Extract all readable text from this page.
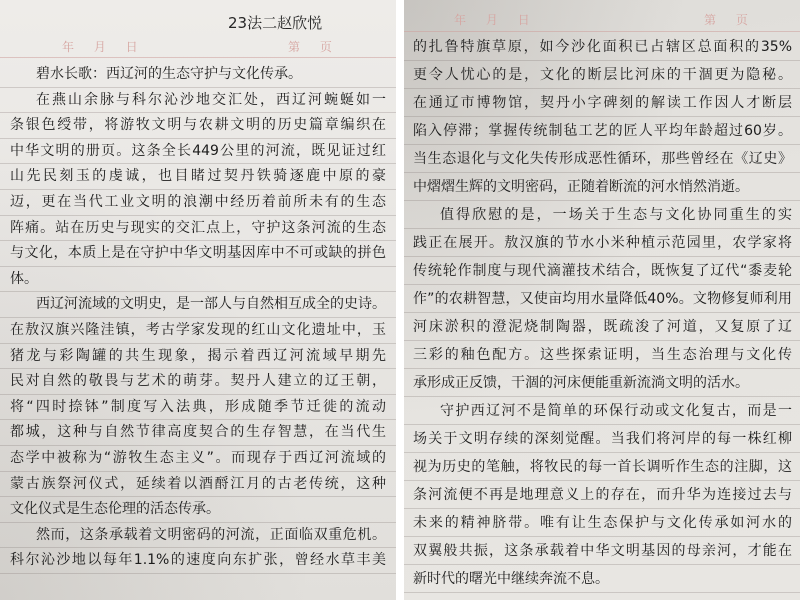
23法二赵欣悦
年 月 日	第 页
碧水长歌：西辽河的生态守护与文化传承。
在燕山余脉与科尔沁沙地交汇处，西辽河蜿蜒如一
条银色绶带，将游牧文明与农耕文明的历史篇章编织在
中华文明的册页。这条全长449公里的河流，既见证过红
山先民刻玉的虔诚，也目睹过契丹铁骑逐鹿中原的豪
迈，更在当代工业文明的浪潮中经历着前所未有的生态
阵痛。站在历史与现实的交汇点上，守护这条河流的生态
与文化，本质上是在守护中华文明基因库中不可或缺的拼色
体。
西辽河流域的文明史，是一部人与自然相互成全的史诗。
在敖汉旗兴隆洼镇，考古学家发现的红山文化遗址中，玉
猪龙与彩陶罐的共生现象，揭示着西辽河流域早期先
民对自然的敬畏与艺术的萌芽。契丹人建立的辽王朝，
将“四时捺钵”制度写入法典，形成随季节迁徙的流动
都城，这种与自然节律高度契合的生存智慧，在当代生
态学中被称为“游牧生态主义”。而现存于西辽河流域的
蒙古族祭河仪式，延续着以酒酹江月的古老传统，这种
文化仪式是生态伦理的活态传承。
然而，这条承载着文明密码的河流，正面临双重危机。
科尔沁沙地以每年1.1%的速度向东扩张，曾经水草丰美
年 月 日	第 页
的扎鲁特旗草原，如今沙化面积已占辖区总面积的35%
更令人忧心的是，文化的断层比河床的干涸更为隐秘。
在通辽市博物馆，契丹小字碑刻的解读工作因人才断层
陷入停滞；掌握传统制毡工艺的匠人平均年龄超过60岁。
当生态退化与文化失传形成恶性循环，那些曾经在《辽史》
中熠熠生辉的文明密码，正随着断流的河水悄然消逝。
值得欣慰的是，一场关于生态与文化协同重生的实
践正在展开。敖汉旗的节水小米种植示范园里，农学家将
传统轮作制度与现代滴灌技术结合，既恢复了辽代“黍麦轮
作”的农耕智慧，又使亩均用水量降低40%。文物修复师利用
河床淤积的澄泥烧制陶器，既疏浚了河道，又复原了辽
三彩的釉色配方。这些探索证明，当生态治理与文化传
承形成正反馈，干涸的河床便能重新流淌文明的活水。
守护西辽河不是简单的环保行动或文化复古，而是一
场关于文明存续的深刻觉醒。当我们将河岸的每一株红柳
视为历史的笔触，将牧民的每一首长调听作生态的注脚，这
条河流便不再是地理意义上的存在，而升华为连接过去与
未来的精神脐带。唯有让生态保护与文化传承如河水的
双翼般共振，这条承载着中华文明基因的母亲河，才能在
新时代的曙光中继续奔流不息。
